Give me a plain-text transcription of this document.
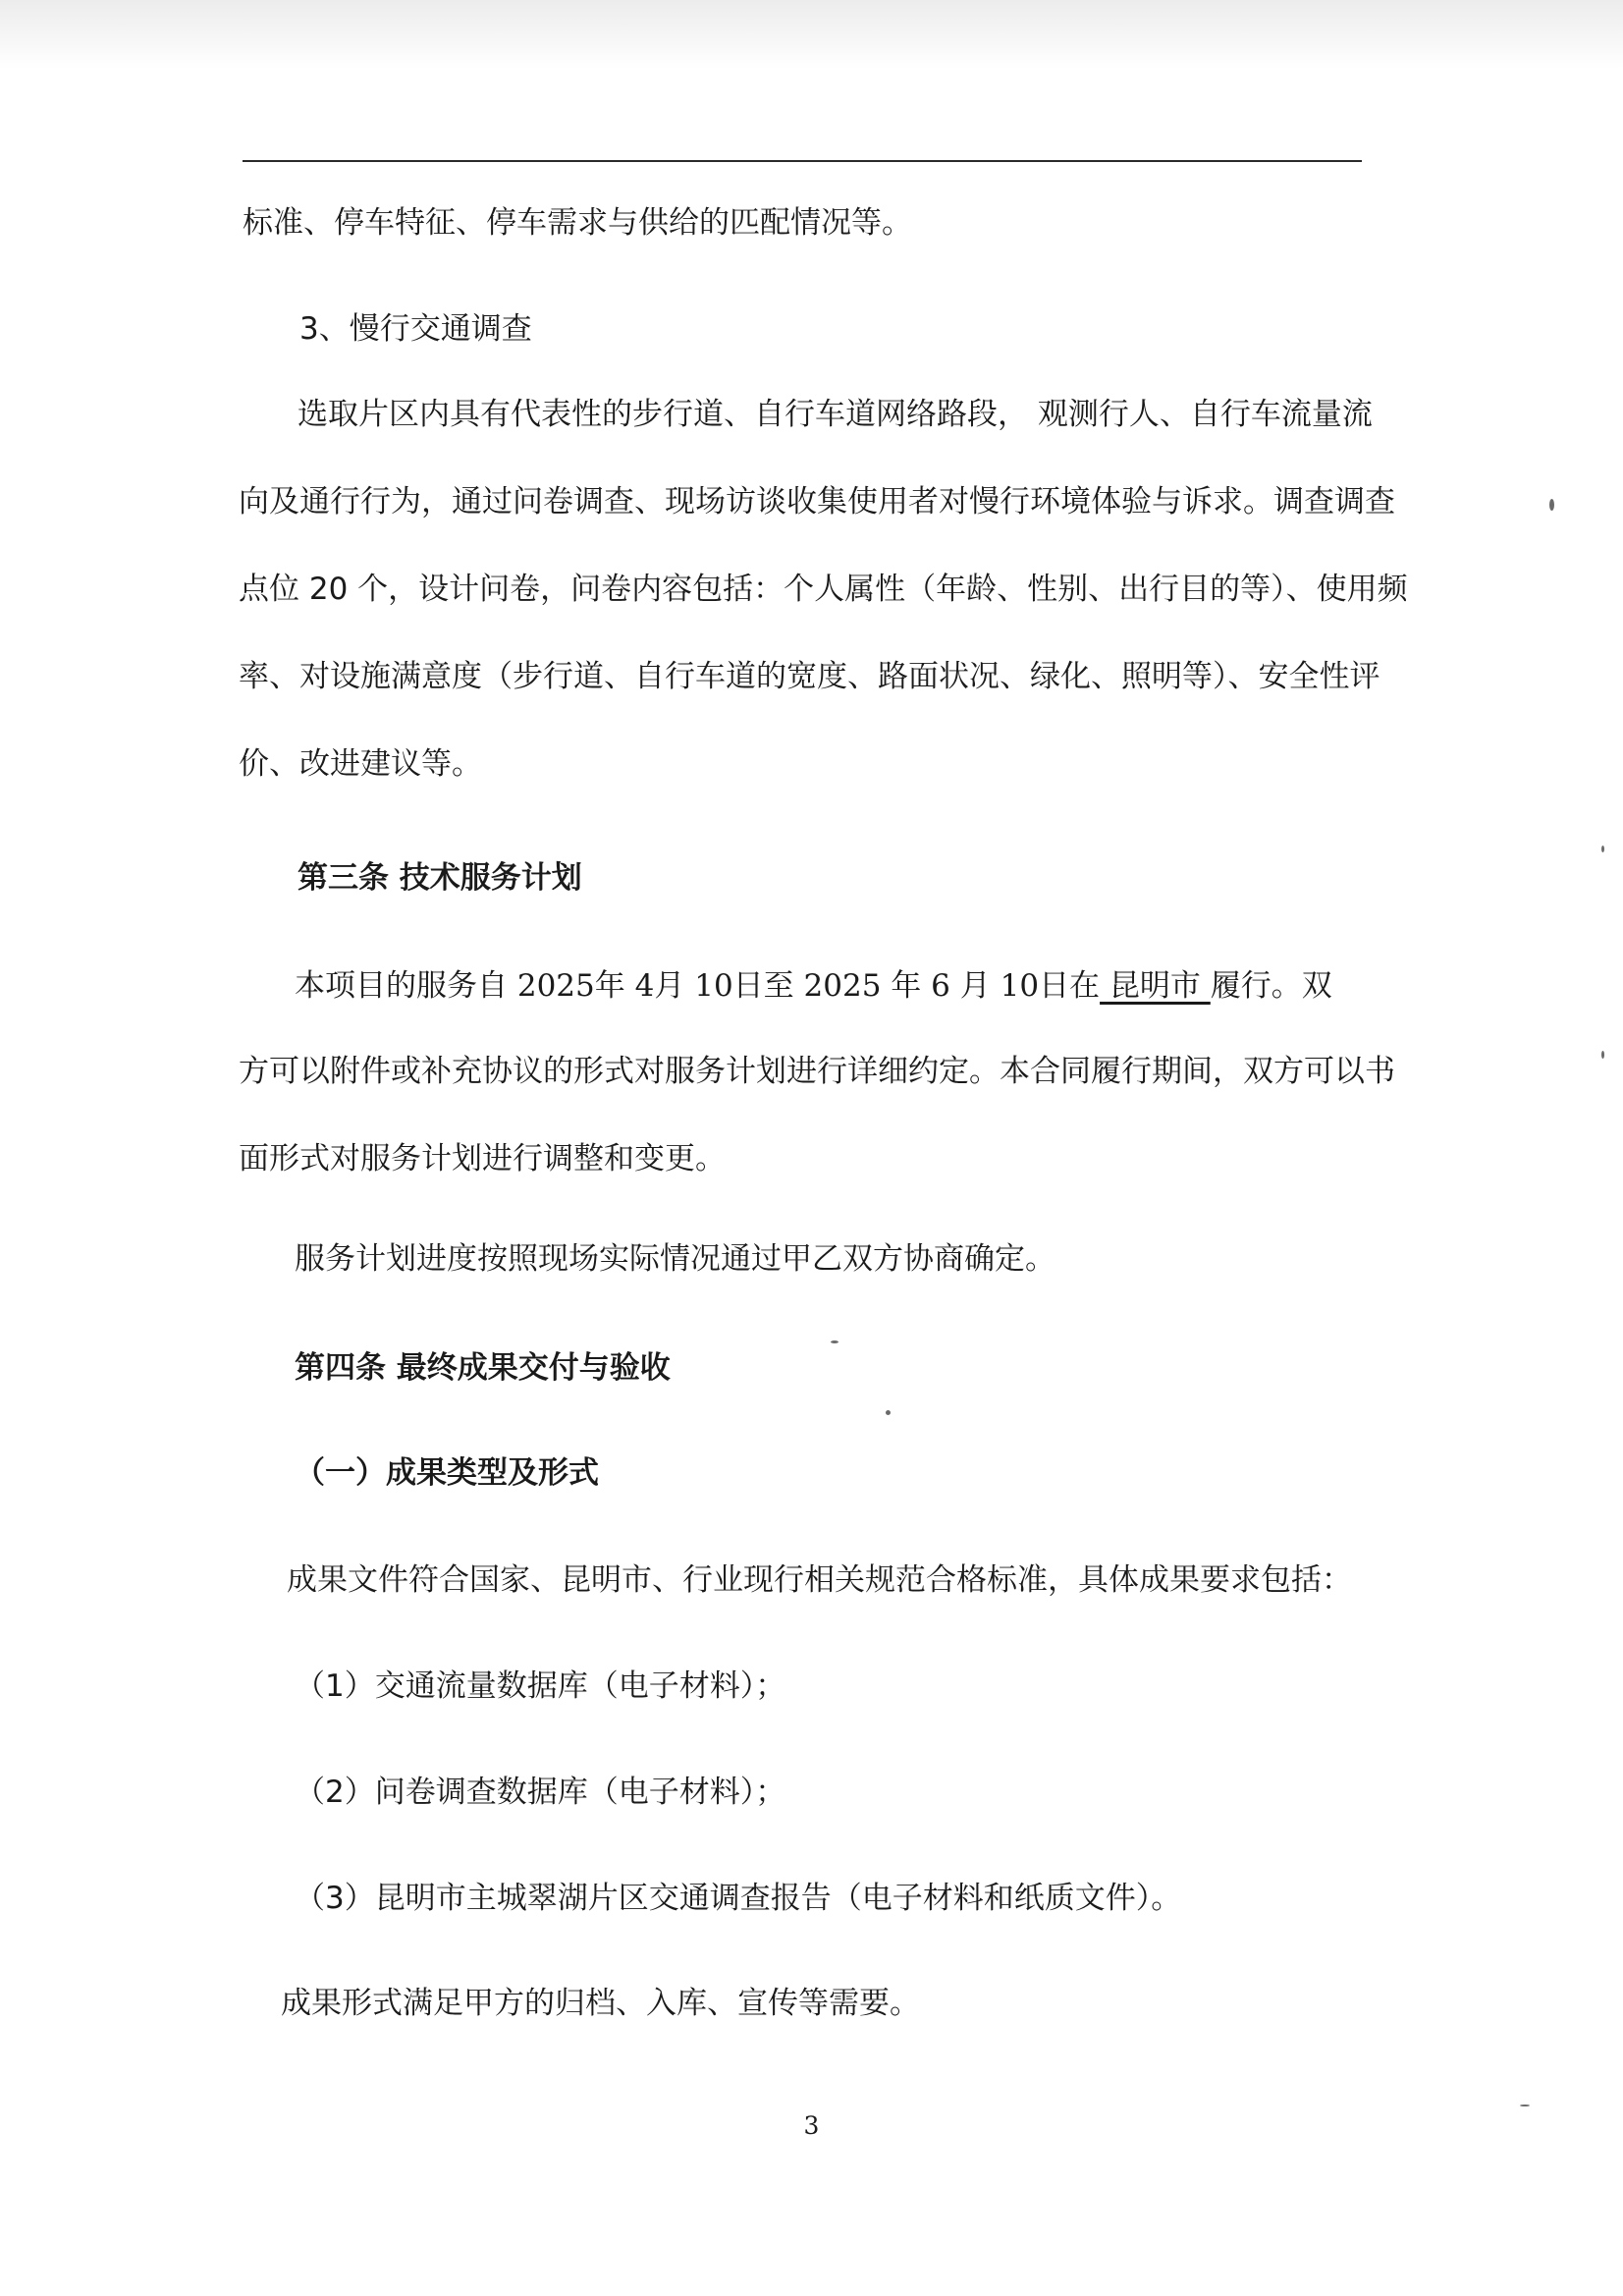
标准、停车特征、停车需求与供给的匹配情况等。
3、慢行交通调查
选取片区内具有代表性的步行道、自行车道网络路段， 观测行人、自行车流量流
向及通行行为，通过问卷调查、现场访谈收集使用者对慢行环境体验与诉求。调查调查
点位 20 个，设计问卷，问卷内容包括：个人属性（年龄、性别、出行目的等）、使用频
率、对设施满意度（步行道、自行车道的宽度、路面状况、绿化、照明等）、安全性评
价、改进建议等。
第三条 技术服务计划
本项目的服务自 2025年 4月 10日至 2025 年 6 月 10日在 昆明市 履行。双
方可以附件或补充协议的形式对服务计划进行详细约定。本合同履行期间，双方可以书
面形式对服务计划进行调整和变更。
服务计划进度按照现场实际情况通过甲乙双方协商确定。
第四条 最终成果交付与验收
（一）成果类型及形式
成果文件符合国家、昆明市、行业现行相关规范合格标准，具体成果要求包括：
（1）交通流量数据库（电子材料）；
（2）问卷调查数据库（电子材料）；
（3）昆明市主城翠湖片区交通调查报告（电子材料和纸质文件）。
成果形式满足甲方的归档、入库、宣传等需要。
3
